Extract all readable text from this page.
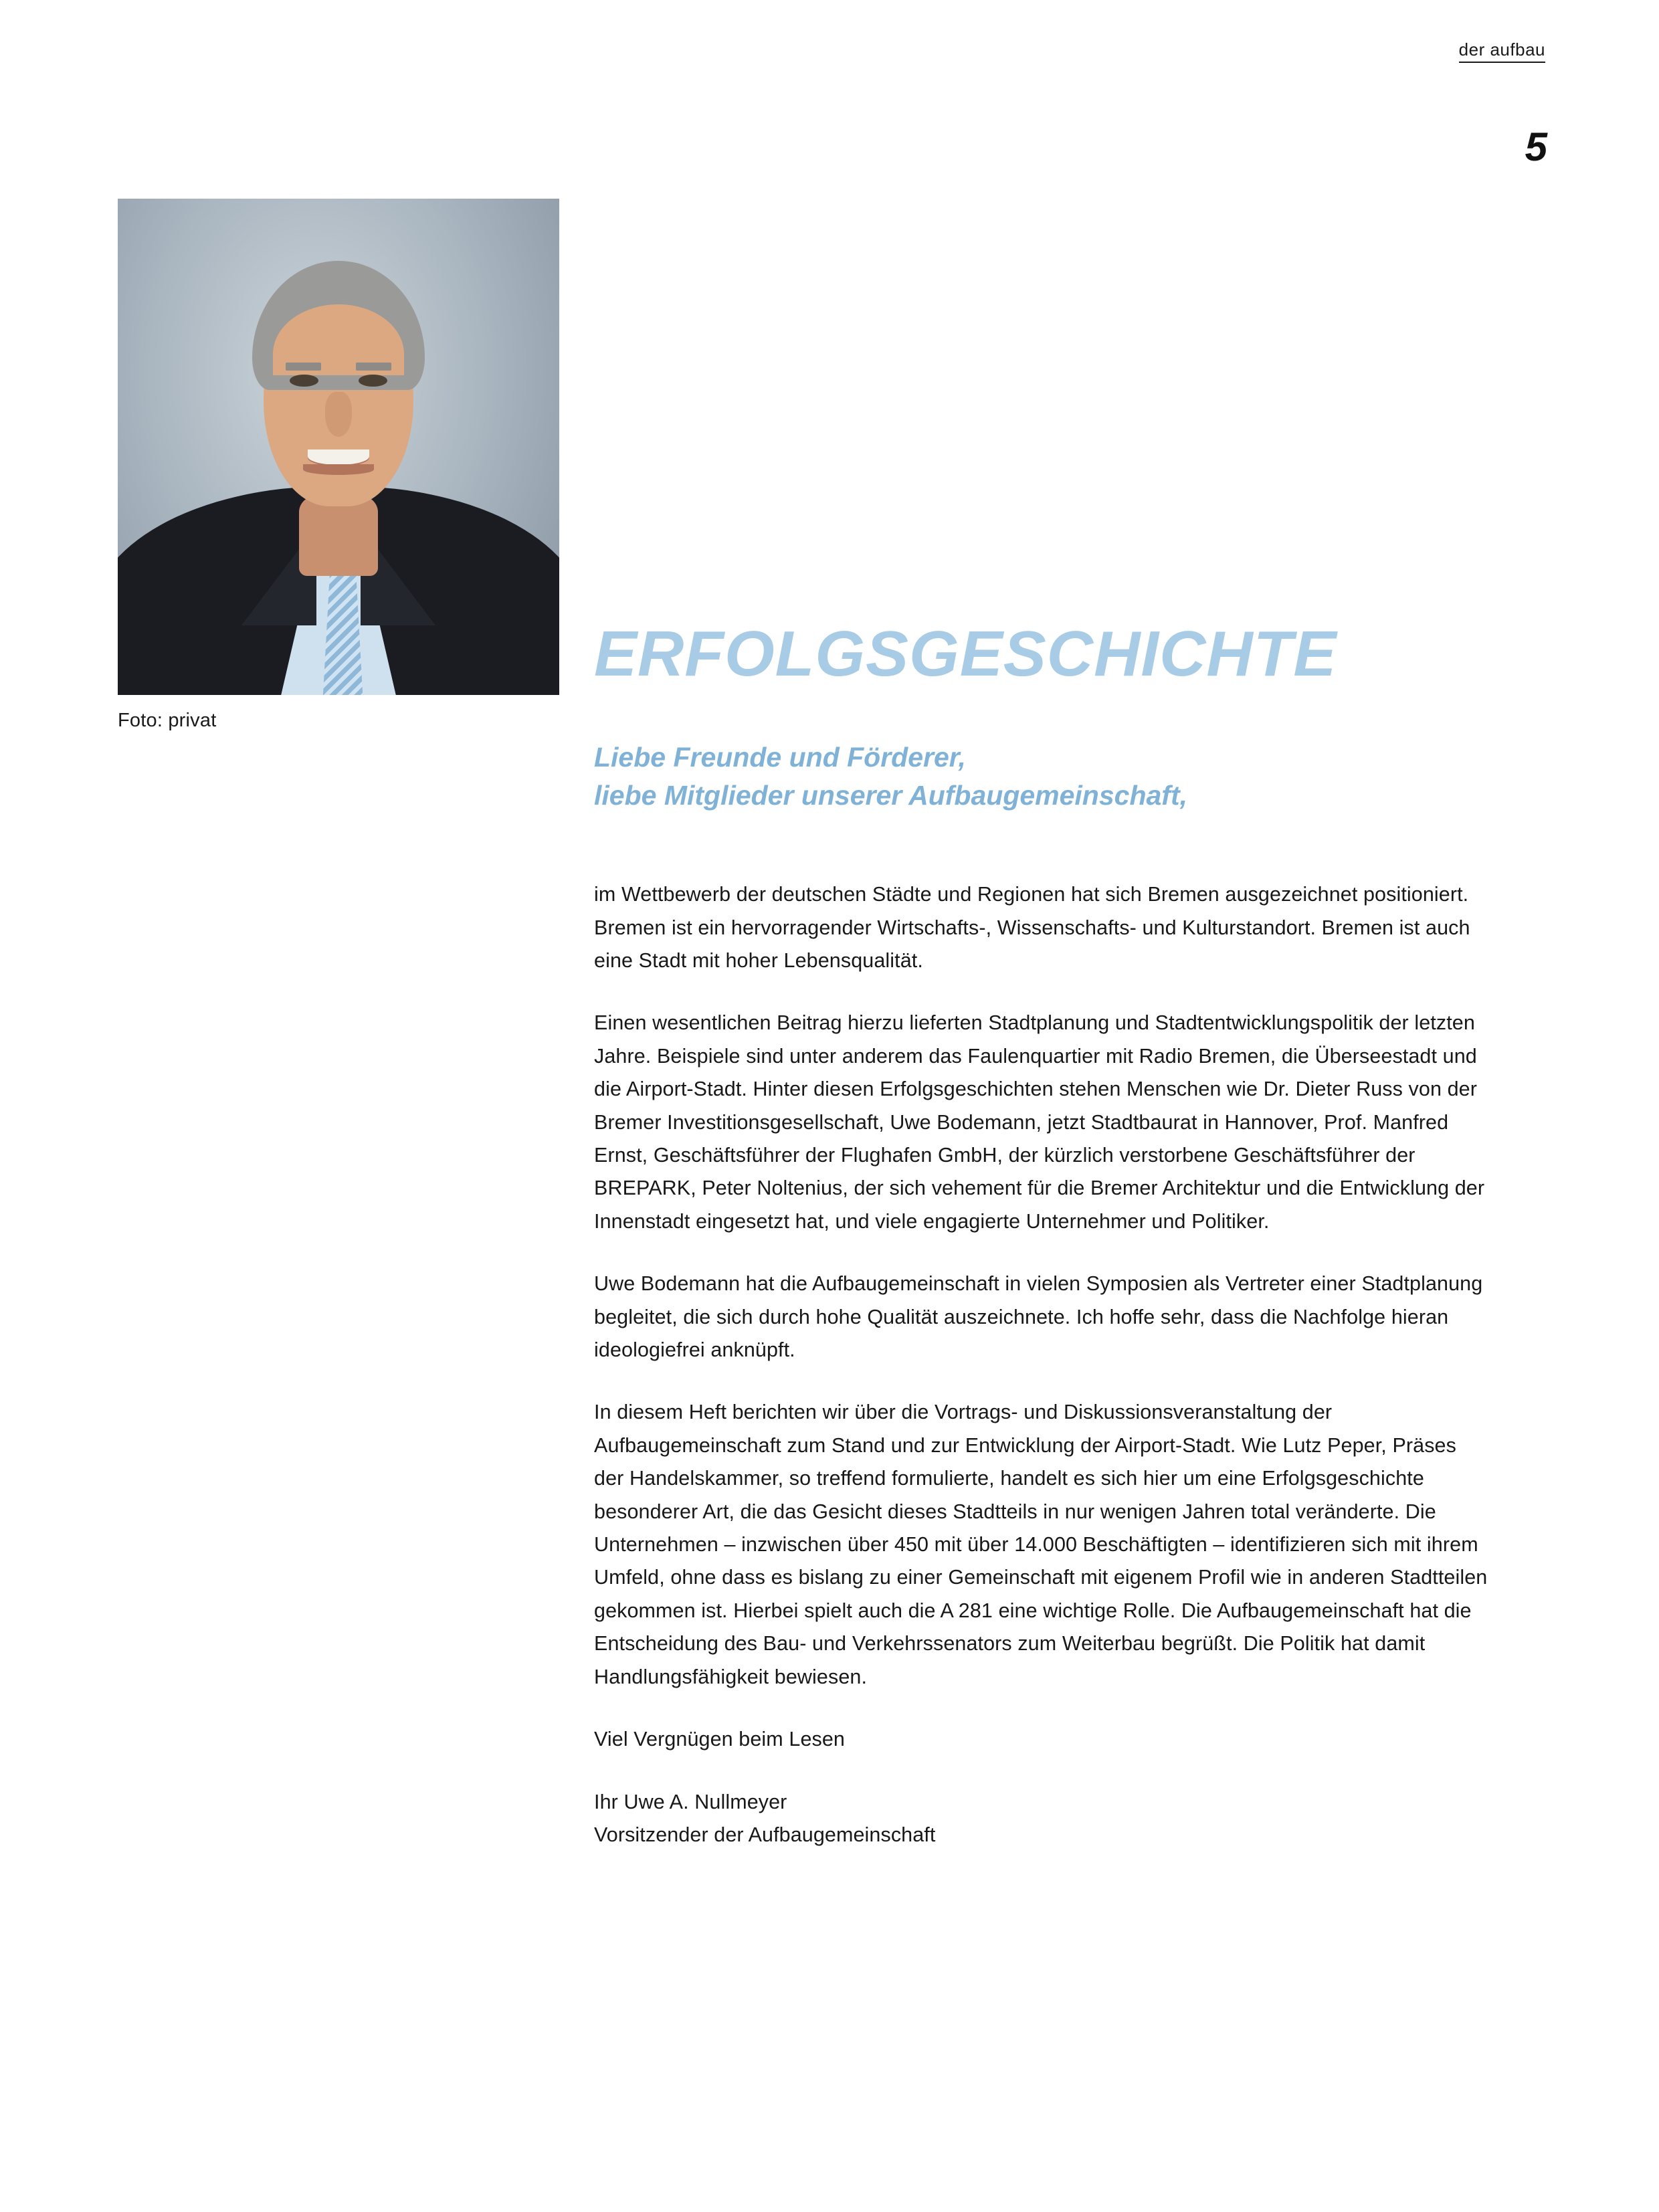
der aufbau
5
Foto: privat
ERFOLGSGESCHICHTE
Liebe Freunde und Förderer,
liebe Mitglieder unserer Aufbaugemeinschaft,

im Wettbewerb der deutschen Städte und Regionen hat sich Bremen ausgezeichnet positioniert. Bremen ist ein hervorragender Wirtschafts-, Wissenschafts- und Kulturstandort. Bremen ist auch eine Stadt mit hoher Lebensqualität.

Einen wesentlichen Beitrag hierzu lieferten Stadtplanung und Stadtentwicklungspolitik der letzten Jahre. Beispiele sind unter anderem das Faulenquartier mit Radio Bremen, die Überseestadt und die Airport-Stadt. Hinter diesen Erfolgsgeschichten stehen Menschen wie Dr. Dieter Russ von der Bremer Investitionsgesellschaft, Uwe Bodemann, jetzt Stadtbaurat in Hannover, Prof. Manfred Ernst, Geschäftsführer der Flughafen GmbH, der kürzlich verstorbene Geschäftsführer der BREPARK, Peter Noltenius, der sich vehement für die Bremer Architektur und die Entwicklung der Innenstadt eingesetzt hat, und viele engagierte Unternehmer und Politiker.

Uwe Bodemann hat die Aufbaugemeinschaft in vielen Symposien als Vertreter einer Stadtplanung begleitet, die sich durch hohe Qualität auszeichnete. Ich hoffe sehr, dass die Nachfolge hieran ideologiefrei anknüpft.

In diesem Heft berichten wir über die Vortrags- und Diskussionsveranstaltung der Aufbaugemeinschaft zum Stand und zur Entwicklung der Airport-Stadt. Wie Lutz Peper, Präses der Handelskammer, so treffend formulierte, handelt es sich hier um eine Erfolgsgeschichte besonderer Art, die das Gesicht dieses Stadtteils in nur wenigen Jahren total veränderte. Die Unternehmen – inzwischen über 450 mit über 14.000 Beschäftigten – identifizieren sich mit ihrem Umfeld, ohne dass es bislang zu einer Gemeinschaft mit eigenem Profil wie in anderen Stadtteilen gekommen ist. Hierbei spielt auch die A 281 eine wichtige Rolle. Die Aufbaugemeinschaft hat die Entscheidung des Bau- und Verkehrssenators zum Weiterbau begrüßt. Die Politik hat damit Handlungsfähigkeit bewiesen.

Viel Vergnügen beim Lesen

Ihr Uwe A. Nullmeyer
Vorsitzender der Aufbaugemeinschaft
